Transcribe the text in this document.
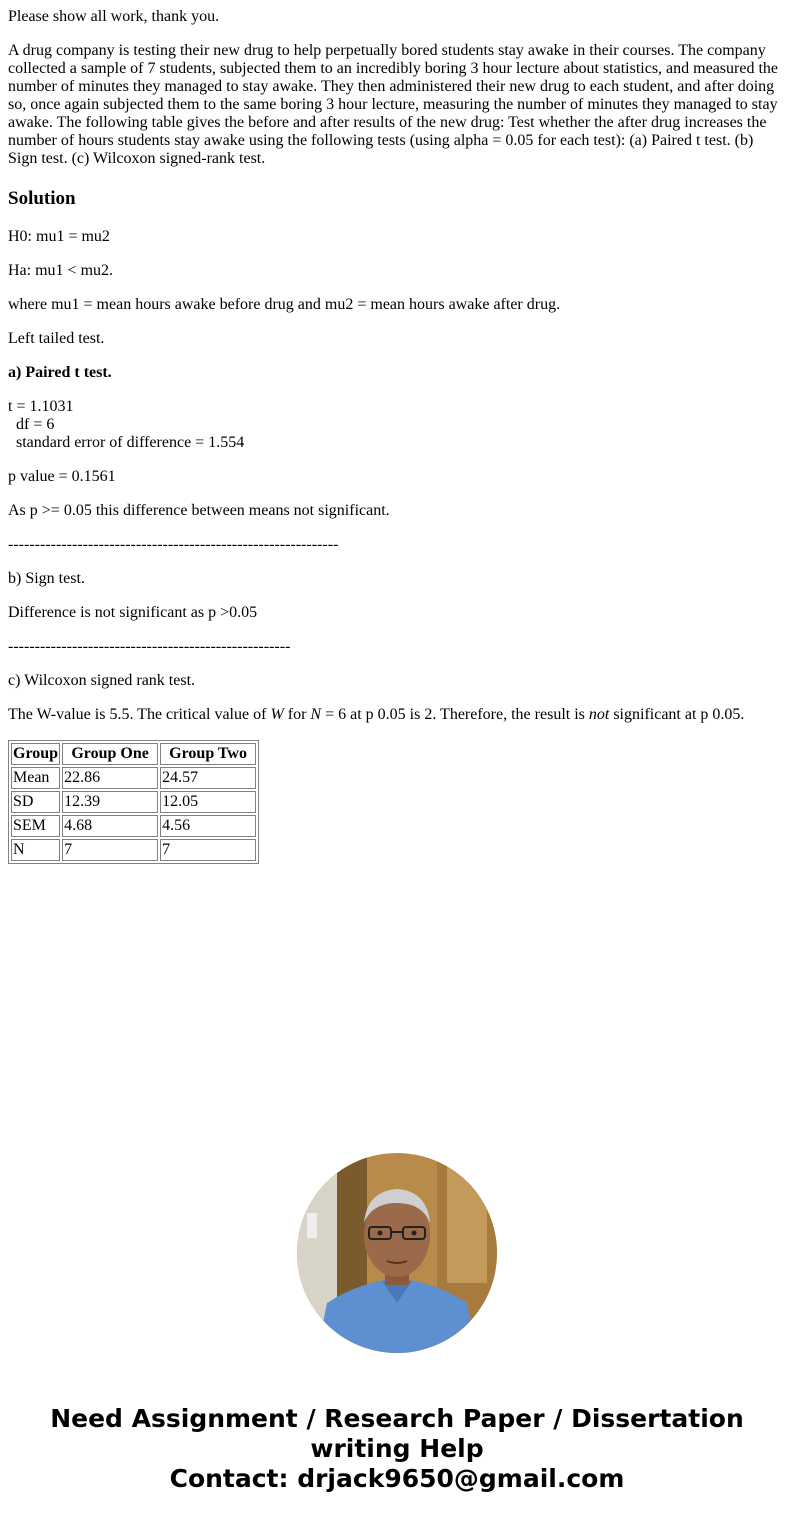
Please show all work, thank you.

A drug company is testing their new drug to help perpetually bored students stay awake in their courses. The company collected a sample of 7 students, subjected them to an incredibly boring 3 hour lecture about statistics, and measured the number of minutes they managed to stay awake. They then administered their new drug to each student, and after doing so, once again subjected them to the same boring 3 hour lecture, measuring the number of minutes they managed to stay awake. The following table gives the before and after results of the new drug: Test whether the after drug increases the number of hours students stay awake using the following tests (using alpha = 0.05 for each test): (a) Paired t test. (b) Sign test. (c) Wilcoxon signed-rank test.

Solution

H0: mu1 = mu2

Ha: mu1 < mu2.

where mu1 = mean hours awake before drug and mu2 = mean hours awake after drug.

Left tailed test.

a) Paired t test.

t = 1.1031
df = 6
standard error of difference = 1.554

p value = 0.1561

As p >= 0.05 this difference between means not significant.

--------------------------------------------------------------

b) Sign test.

Difference is not significant as p >0.05

-----------------------------------------------------

c) Wilcoxon signed rank test.

The W-value is 5.5. The critical value of W for N = 6 at p 0.05 is 2. Therefore, the result is not significant at p 0.05.

Group	Group One	Group Two
Mean	22.86	24.57
SD	12.39	12.05
SEM	4.68	4.56
N	7	7
Need Assignment / Research Paper / Dissertation
writing Help
Contact: drjack9650@gmail.com
